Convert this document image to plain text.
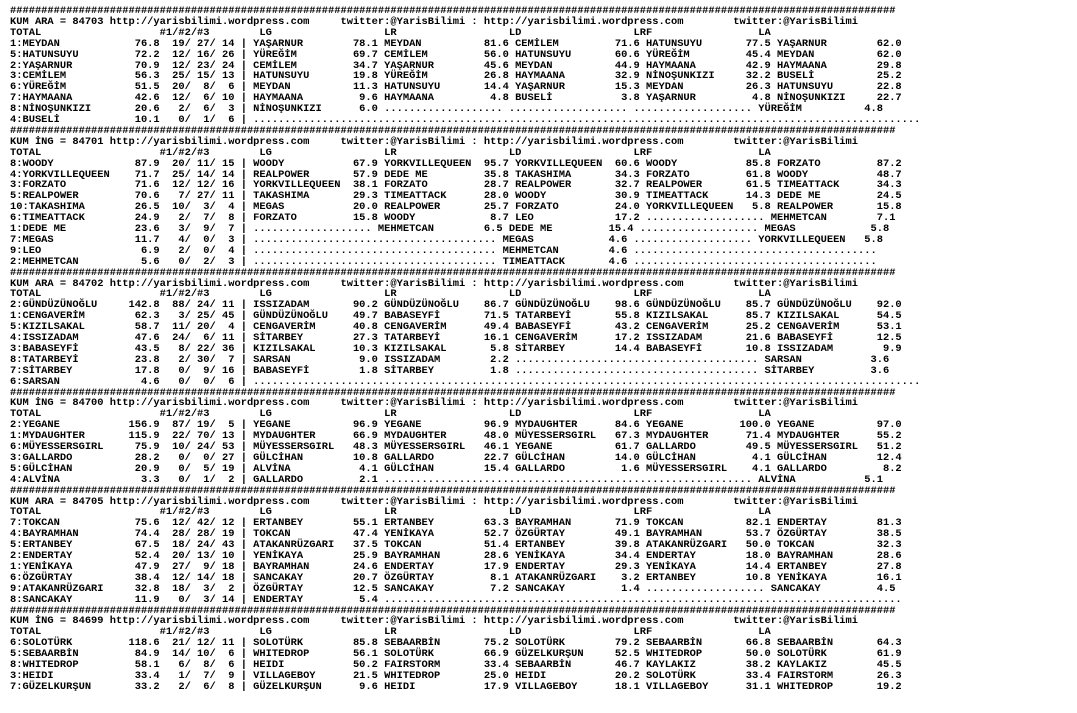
##############################################################################################################################################
KUM ARA = 84703 http://yarisbilimi.wordpress.com     twitter:@YarisBilimi : http://yarisbilimi.wordpress.com        twitter:@YarisBilimi
TOTAL                   #1/#2/#3        LG                  LR                  LD                  LRF                 LA
1:MEYDAN            76.8  19/ 27/ 14 | YAŞARNUR        78.1 MEYDAN          81.6 CEMİLEM         71.6 HATUNSUYU       77.5 YAŞARNUR        62.0
5:HATUNSUYU         72.2  12/ 16/ 26 | YÜREĞİM         69.7 CEMİLEM         56.0 HATUNSUYU       60.6 YÜREĞİM         45.4 MEYDAN          62.0
2:YAŞARNUR          70.9  12/ 23/ 24 | CEMİLEM         34.7 YAŞARNUR        45.6 MEYDAN          44.9 HAYMAANA        42.9 HAYMAANA        29.8
3:CEMİLEM           56.3  25/ 15/ 13 | HATUNSUYU       19.8 YÜREĞİM         26.8 HAYMAANA        32.9 NİNOŞUNKIZI     32.2 BUSELİ          25.2
6:YÜREĞİM           51.5  20/  8/  6 | MEYDAN          11.3 HATUNSUYU       14.4 YAŞARNUR        15.3 MEYDAN          26.3 HATUNSUYU       22.8
7:HAYMAANA          42.6  12/  6/ 10 | HAYMAANA         9.6 HAYMAANA         4.8 BUSELİ           3.8 YAŞARNUR         4.8 NİNOŞUNKIZI     22.7
8:NİNOŞUNKIZI       20.6   2/  6/  3 | NİNOŞUNKIZI      6.0 ................... ................... ................... YÜREĞİM          4.8
4:BUSELİ            10.1   0/  1/  6 | ...........................................................................................................
##############################################################################################################################################
KUM İNG = 84701 http://yarisbilimi.wordpress.com     twitter:@YarisBilimi : http://yarisbilimi.wordpress.com        twitter:@YarisBilimi
TOTAL                   #1/#2/#3        LG                  LR                  LD                  LRF                 LA
8:WOODY             87.9  20/ 11/ 15 | WOODY           67.9 YORKVILLEQUEEN  95.7 YORKVILLEQUEEN  60.6 WOODY           85.8 FORZATO         87.2
4:YORKVILLEQUEEN    71.7  25/ 14/ 14 | REALPOWER       57.9 DEDE ME         35.8 TAKASHIMA       34.3 FORZATO         61.8 WOODY           48.7
3:FORZATO           71.6  12/ 12/ 16 | YORKVILLEQUEEN  38.1 FORZATO         28.7 REALPOWER       32.7 REALPOWER       61.5 TIMEATTACK      34.3
5:REALPOWER         70.6   7/ 27/ 11 | TAKASHIMA       29.3 TIMEATTACK      28.0 WOODY           30.9 TIMEATTACK      14.3 DEDE ME         24.5
10:TAKASHIMA        26.5  10/  3/  4 | MEGAS           20.0 REALPOWER       25.7 FORZATO         24.0 YORKVILLEQUEEN   5.8 REALPOWER       15.8
6:TIMEATTACK        24.9   2/  7/  8 | FORZATO         15.8 WOODY            8.7 LEO             17.2 ................... MEHMETCAN        7.1
1:DEDE ME           23.6   3/  9/  7 | ................... MEHMETCAN        6.5 DEDE ME         15.4 ................... MEGAS            5.8
7:MEGAS             11.7   4/  0/  3 | ....................................... MEGAS            4.6 ................... YORKVILLEQUEEN   5.8
9:LEO                6.9   2/  0/  4 | ....................................... MEHMETCAN        4.6 .......................................
2:MEHMETCAN          5.6   0/  2/  3 | ....................................... TIMEATTACK       4.6 .......................................
##############################################################################################################################################
KUM ARA = 84702 http://yarisbilimi.wordpress.com     twitter:@YarisBilimi : http://yarisbilimi.wordpress.com        twitter:@YarisBilimi
TOTAL                   #1/#2/#3        LG                  LR                  LD                  LRF                 LA
2:GÜNDÜZÜNOĞLU     142.8  88/ 24/ 11 | ISSIZADAM       90.2 GÜNDÜZÜNOĞLU    86.7 GÜNDÜZÜNOĞLU    98.6 GÜNDÜZÜNOĞLU    85.7 GÜNDÜZÜNOĞLU    92.0
1:CENGAVERİM        62.3   3/ 25/ 45 | GÜNDÜZÜNOĞLU    49.7 BABASEYFİ       71.5 TATARBEYİ       55.8 KIZILSAKAL      85.7 KIZILSAKAL      54.5
5:KIZILSAKAL        58.7  11/ 20/  4 | CENGAVERİM      40.8 CENGAVERİM      49.4 BABASEYFİ       43.2 CENGAVERİM      25.2 CENGAVERİM      53.1
4:ISSIZADAM         47.6  24/  6/ 11 | SİTARBEY        27.3 TATARBEYİ       16.1 CENGAVERİM      17.2 ISSIZADAM       21.6 BABASEYFİ       12.5
3:BABASEYFİ         43.5   8/ 22/ 36 | KIZILSAKAL      10.3 KIZILSAKAL       5.8 SİTARBEY        14.4 BABASEYFİ       10.8 ISSIZADAM        9.9
8:TATARBEYİ         23.8   2/ 30/  7 | SARSAN           9.0 ISSIZADAM        2.2 ....................................... SARSAN           3.6
7:SİTARBEY          17.8   0/  9/ 16 | BABASEYFİ        1.8 SİTARBEY         1.8 ....................................... SİTARBEY         3.6
6:SARSAN             4.6   0/  0/  6 | ...........................................................................................................
##############################################################################################################################################
KUM İNG = 84700 http://yarisbilimi.wordpress.com     twitter:@YarisBilimi : http://yarisbilimi.wordpress.com        twitter:@YarisBilimi
TOTAL                   #1/#2/#3        LG                  LR                  LD                  LRF                 LA
2:YEGANE           156.9  87/ 19/  5 | YEGANE          96.9 YEGANE          96.9 MYDAUGHTER      84.6 YEGANE         100.0 YEGANE          97.0
1:MYDAUGHTER       115.9  22/ 70/ 13 | MYDAUGHTER      66.9 MYDAUGHTER      48.0 MÜYESSERSGIRL   67.3 MYDAUGHTER      71.4 MYDAUGHTER      55.2
6:MÜYESSERSGIRL     75.9  10/ 24/ 53 | MÜYESSERSGIRL   48.3 MÜYESSERSGIRL   46.1 YEGANE          61.7 GALLARDO        49.5 MÜYESSERSGIRL   51.2
3:GALLARDO          28.2   0/  0/ 27 | GÜLCİHAN        10.8 GALLARDO        22.7 GÜLCİHAN        14.0 GÜLCİHAN         4.1 GÜLCİHAN        12.4
5:GÜLCİHAN          20.9   0/  5/ 19 | ALVİNA           4.1 GÜLCİHAN        15.4 GALLARDO         1.6 MÜYESSERSGIRL    4.1 GALLARDO         8.2
4:ALVİNA             3.3   0/  1/  2 | GALLARDO         2.1 ........................................................... ALVİNA           5.1
##############################################################################################################################################
KUM ARA = 84705 http://yarisbilimi.wordpress.com     twitter:@YarisBilimi : http://yarisbilimi.wordpress.com        twitter:@YarisBilimi
TOTAL                   #1/#2/#3        LG                  LR                  LD                  LRF                 LA
7:TOKCAN            75.6  12/ 42/ 12 | ERTANBEY        55.1 ERTANBEY        63.3 BAYRAMHAN       71.9 TOKCAN          82.1 ENDERTAY        81.3
4:BAYRAMHAN         74.4  28/ 28/ 19 | TOKCAN          47.4 YENİKAYA        52.7 ÖZGÜRTAY        49.1 BAYRAMHAN       53.7 ÖZGÜRTAY        38.5
5:ERTANBEY          67.5  18/ 24/ 43 | ATAKANRÜZGARI   37.5 TOKCAN          51.4 ERTANBEY        39.8 ATAKANRÜZGARI   50.0 TOKCAN          32.3
2:ENDERTAY          52.4  20/ 13/ 10 | YENİKAYA        25.9 BAYRAMHAN       28.6 YENİKAYA        34.4 ENDERTAY        18.0 BAYRAMHAN       28.6
1:YENİKAYA          47.9  27/  9/ 18 | BAYRAMHAN       24.6 ENDERTAY        17.9 ENDERTAY        29.3 YENİKAYA        14.4 ERTANBEY        27.8
6:ÖZGÜRTAY          38.4  12/ 14/ 18 | SANCAKAY        20.7 ÖZGÜRTAY         8.1 ATAKANRÜZGARI    3.2 ERTANBEY        10.8 YENİKAYA        16.1
9:ATAKANRÜZGARI     32.8  18/  3/  2 | ÖZGÜRTAY        12.5 SANCAKAY         7.2 SANCAKAY         1.4 ................... SANCAKAY         4.5
8:SANCAKAY          11.9   0/  3/ 14 | ENDERTAY         5.4 ...................................................................................
##############################################################################################################################################
KUM İNG = 84699 http://yarisbilimi.wordpress.com     twitter:@YarisBilimi : http://yarisbilimi.wordpress.com        twitter:@YarisBilimi
TOTAL                   #1/#2/#3        LG                  LR                  LD                  LRF                 LA
6:SOLOTÜRK         118.6  21/ 12/ 11 | SOLOTÜRK        85.8 SEBAARBİN       75.2 SOLOTÜRK        79.2 SEBAARBİN       66.8 SEBAARBİN       64.3
5:SEBAARBİN         84.9  14/ 10/  6 | WHITEDROP       56.1 SOLOTÜRK        66.9 GÜZELKURŞUN     52.5 WHITEDROP       50.0 SOLOTÜRK        61.9
8:WHITEDROP         58.1   6/  8/  6 | HEIDI           50.2 FAIRSTORM       33.4 SEBAARBİN       46.7 KAYLAKIZ        38.2 KAYLAKIZ        45.5
3:HEIDI             33.4   1/  7/  9 | VILLAGEBOY      21.5 WHITEDROP       25.0 HEIDI           20.2 SOLOTÜRK        33.4 FAIRSTORM       26.3
7:GÜZELKURŞUN       33.2   2/  6/  8 | GÜZELKURŞUN      9.6 HEIDI           17.9 VILLAGEBOY      18.1 VILLAGEBOY      31.1 WHITEDROP       19.2
